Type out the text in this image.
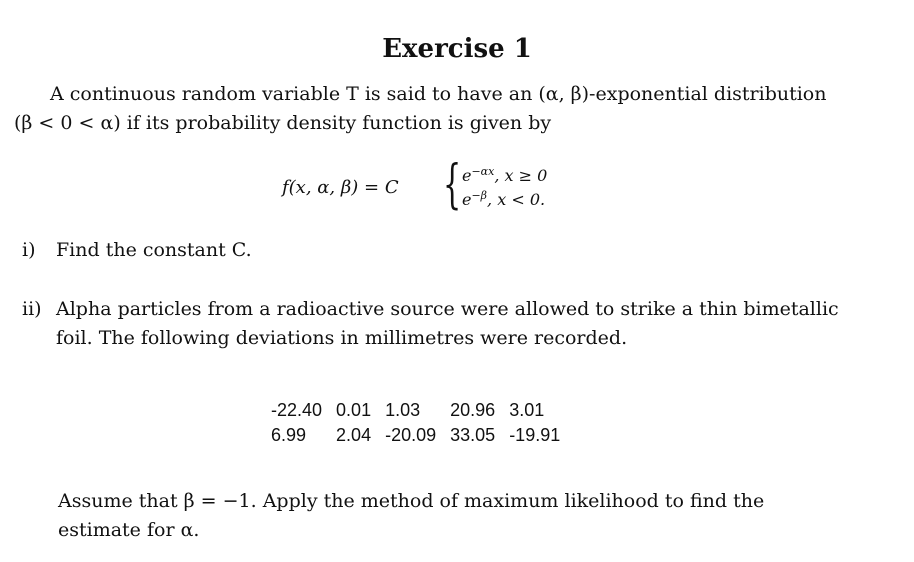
Exercise 1
A continuous random variable T is said to have an (α, β)-exponential distribution
(β < 0 < α) if its probability density function is given by
f(x, α, β) = C { $e^{-\alpha x}$, x ≥ 0
$e^{-\beta}$, x < 0.
i) Find the constant C.
ii) Alpha particles from a radioactive source were allowed to strike a thin bimetallic
foil. The following deviations in millimetres were recorded.
-22.40	0.01	1.03	20.96	3.01
6.99	2.04	-20.09	33.05	-19.91
Assume that β = −1. Apply the method of maximum likelihood to find the
estimate for α.
